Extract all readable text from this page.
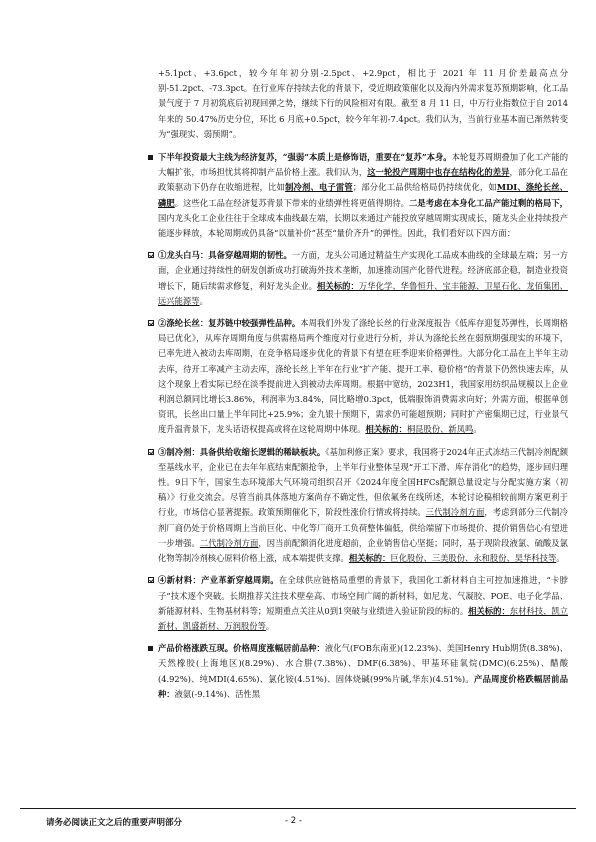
+5.1pct、+3.6pct，较今年年初分别-2.5pct、+2.9pct，相比于 2021 年 11 月价差最高点分别-51.2pct、-73.3pct。在行业库存持续去化的背景下，受近期政策催化以及海内外需求复苏预期影响，化工品景气度于 7 月初筑底后初现回弹之势，继续下行的风险相对有限。截至 8 月 11 日，中万行业指数位于自 2014 年来的 50.47%历史分位，环比 6 月底+0.5pct，较今年年初-7.4pct。我们认为，当前行业基本面已渐然转变为“强现实、弱预期”。

下半年投资最大主线为经济复苏，“强弱”本质上是修饰语，重要在“复苏”本身。本轮复苏周期叠加了化工产能的大幅扩张，市场担忧其将抑制产品价格上涨。我们认为，这一轮投产周期中也存在结构化的差异，部分化工品在政策驱动下仍存在收缩进程，比如制冷剂、电子雷管；部分化工品供给格局仍持续优化，如MDI、涤纶长丝、磷肥。这些化工品在经济复苏背景下带来的业绩弹性将更值得期待。二是考虑在本身化工品产能过剩的格局下，国内龙头化工企业往往于全球成本曲线最左端，长期以来通过产能投放穿越周期实现成长，随龙头企业持续投产能逐步释放，本轮周期或仍具备“以量补价”甚至“量价齐升”的弹性。因此，我们看好以下四方面：
①龙头白马：具备穿越周期的韧性。一方面，龙头公司通过精益生产实现化工品成本曲线的全球最左端；另一方面，企业通过持续性的研发创新成功打破海外技术垄断，加速推动国产化替代进程。经济底部企稳，制造业投资增长下，随后续需求修复，利好龙头企业。相关标的：万华化学、华鲁恒升、宝丰能源、卫星石化、龙佰集团、远兴能源等。
②涤纶长丝：复苏链中较强弹性品种。本周我们外发了涤纶长丝的行业深度报告《低库存迎复苏弹性，长周期格局已优化》，从库存周期角度与供需格局两个维度对行业进行分析，并认为涤纶长丝在弱预期强现实的环境下，已率先进入被动去库周期，在竞争格局逐步优化的背景下有望在旺季迎来价格弹性。大部分化工品在上半年主动去库，待开工率减产主动去库，涤纶长丝上半年在行业“扩产能、提开工率、稳价格”的背景下仍然快速去库，从这个现象上看实际已经在淡季提前进入到被动去库周期。根据中宽纺，2023H1，我国家用纺织品规模以上企业利润总额同比增长3.86%，利润率为3.84%，同比略增0.3pct，低端服饰消费需求向好；外需方面，根据单创资讯，长丝出口量上半年同比+25.9%；金九银十预期下，需求仍可能超预期；同时扩产密集期已过，行业景气度升温背景下，龙头话语权提高或将在这轮周期中体现。相关标的：桐昆股份、新凤鸣。
③制冷剂：具备供给收缩长逻辑的稀缺板块。《基加利修正案》要求，我国将于2024年正式冻结三代制冷剂配额至基线水平，企业已在去年年底结束配额抢争，上半年行业整体呈现“开工下滑、库存消化”的趋势，逐步回归理性。9日下午，国家生态环境部大气环境司组织召开《2024年度全国HFCs配额总量设定与分配实施方案（初稿）》行业交流会。尽管当前具体落地方案尚存不确定性，但依氟务在线所述，本轮讨论稿相较前期方案更利于行业，市场信心显著提振。政策预期催化下，阶段性涨价行情或将持续。三代制冷剂方面，考虑到部分三代制冷剂厂商仍处于价格周期上当前巨化、中化等厂商开工负荷整体偏低，供给端留下市场提价、提价销售信心有望进一步增强。二代制冷剂方面，因当前配额消化进度超前，企业销售信心坚挺；同时，基于现阶段液氯、硫酸及氯化物等制冷剂核心原料价格上涨，成本端提供支撑。相关标的：巨化股份、三美股份、永和股份、昊华科技等。
④新材料：产业革新穿越周期。在全球供应链格局重塑的背景下，我国化工新材料自主可控加速推进，“卡脖子”技术逐个突破。长期推荐关注技术壁垒高、市场空间广阔的新材料，如尼龙、气凝胶、POE、电子化学品、新能源材料、生物基材料等；短期重点关注从0到1突破与业绩进入验证阶段的标的。相关标的：东材科技、凯立新材、凯盛新材、万润股份等。
产品价格涨跌互现。价格周度涨幅居前品种：液化气(FOB东南亚)(12.23%)、美国Henry Hub期货(8.38%)、天然橡胶(上海地区)(8.29%)、水合肼(7.38%)、DMF(6.38%)、甲基环硅氧烷(DMC)(6.25%)、醋酸(4.92%)、纯MDI(4.65%)、氯化铵(4.51%)、固体烧碱(99%片碱,华东)(4.51%)。产品周度价格跌幅居前品种：液氨(-9.14%)、活性黑
请务必阅读正文之后的重要声明部分	- 2 -
